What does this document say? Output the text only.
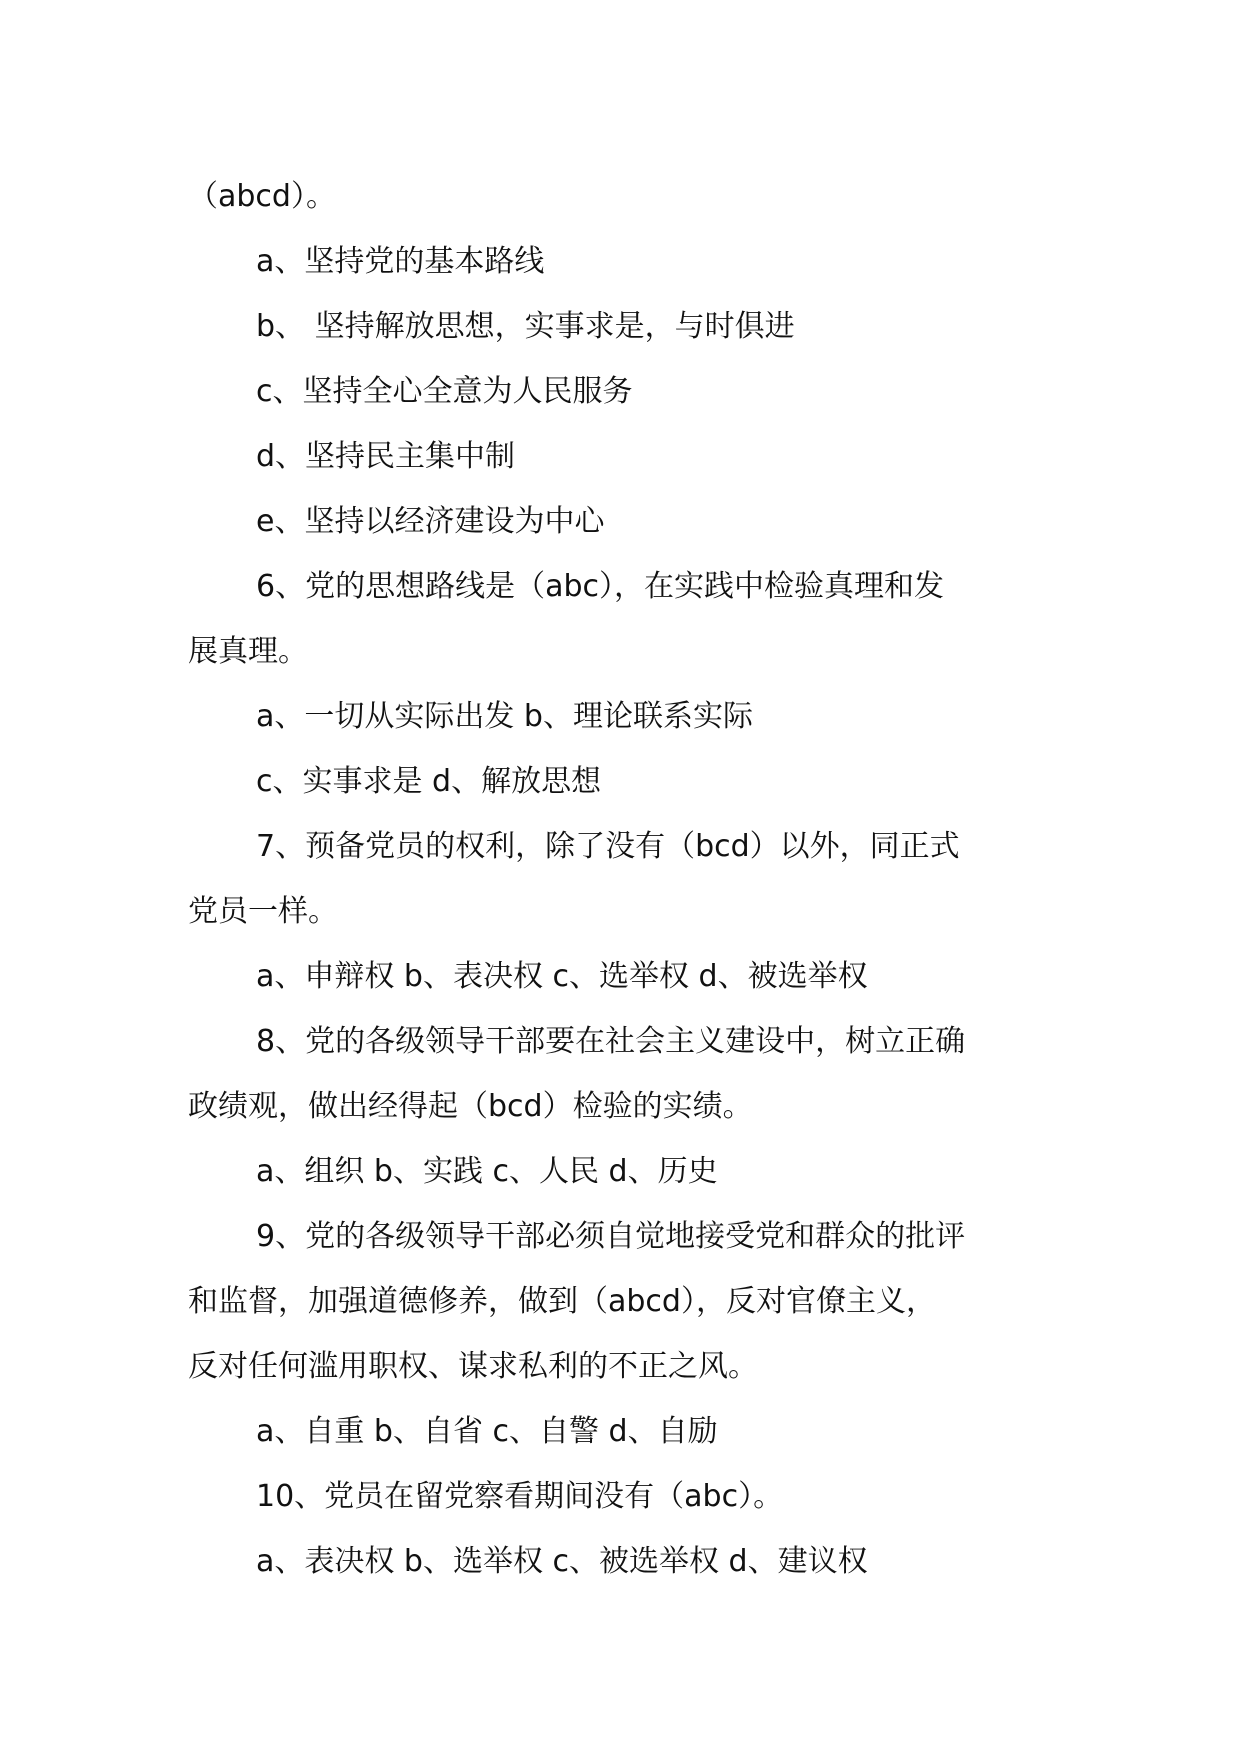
（abcd）。
a、坚持党的基本路线
b、 坚持解放思想，实事求是，与时俱进
c、坚持全心全意为人民服务
d、坚持民主集中制
e、坚持以经济建设为中心
6、党的思想路线是（abc），在实践中检验真理和发
展真理。
a、一切从实际出发 b、理论联系实际
c、实事求是 d、解放思想
7、预备党员的权利，除了没有（bcd）以外，同正式
党员一样。
a、申辩权 b、表决权 c、选举权 d、被选举权
8、党的各级领导干部要在社会主义建设中，树立正确
政绩观，做出经得起（bcd）检验的实绩。
a、组织 b、实践 c、人民 d、历史
9、党的各级领导干部必须自觉地接受党和群众的批评
和监督，加强道德修养，做到（abcd），反对官僚主义，
反对任何滥用职权、谋求私利的不正之风。
a、自重 b、自省 c、自警 d、自励
10、党员在留党察看期间没有（abc）。
a、表决权 b、选举权 c、被选举权 d、建议权
